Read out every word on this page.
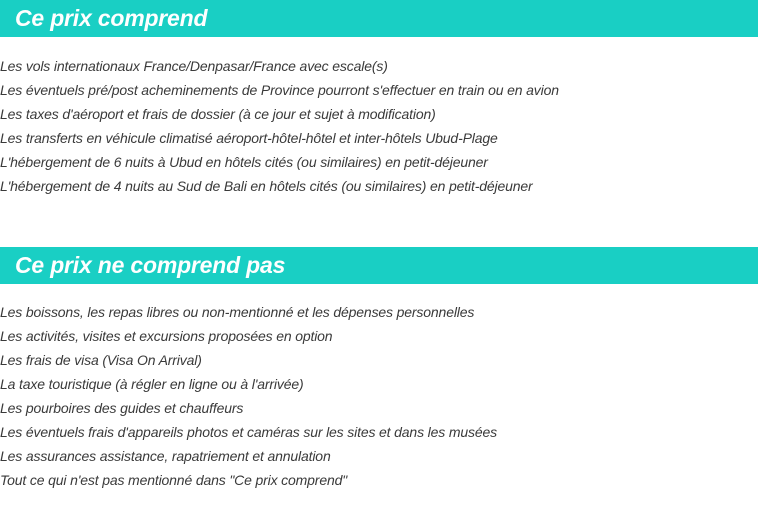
Ce prix comprend
Les vols internationaux France/Denpasar/France avec escale(s)
Les éventuels pré/post acheminements de Province pourront s'effectuer en train ou en avion
Les taxes d'aéroport et frais de dossier (à ce jour et sujet à modification)
Les transferts en véhicule climatisé aéroport-hôtel-hôtel et inter-hôtels Ubud-Plage
L'hébergement de 6 nuits à Ubud en hôtels cités (ou similaires) en petit-déjeuner
L'hébergement de 4 nuits au Sud de Bali en hôtels cités (ou similaires) en petit-déjeuner
Ce prix ne comprend pas
Les boissons, les repas libres ou non-mentionné et les dépenses personnelles
Les activités, visites et excursions proposées en option
Les frais de visa (Visa On Arrival)
La taxe touristique (à régler en ligne ou à l'arrivée)
Les pourboires des guides et chauffeurs
Les éventuels frais d'appareils photos et caméras sur les sites et dans les musées
Les assurances assistance, rapatriement et annulation
Tout ce qui n'est pas mentionné dans "Ce prix comprend"
